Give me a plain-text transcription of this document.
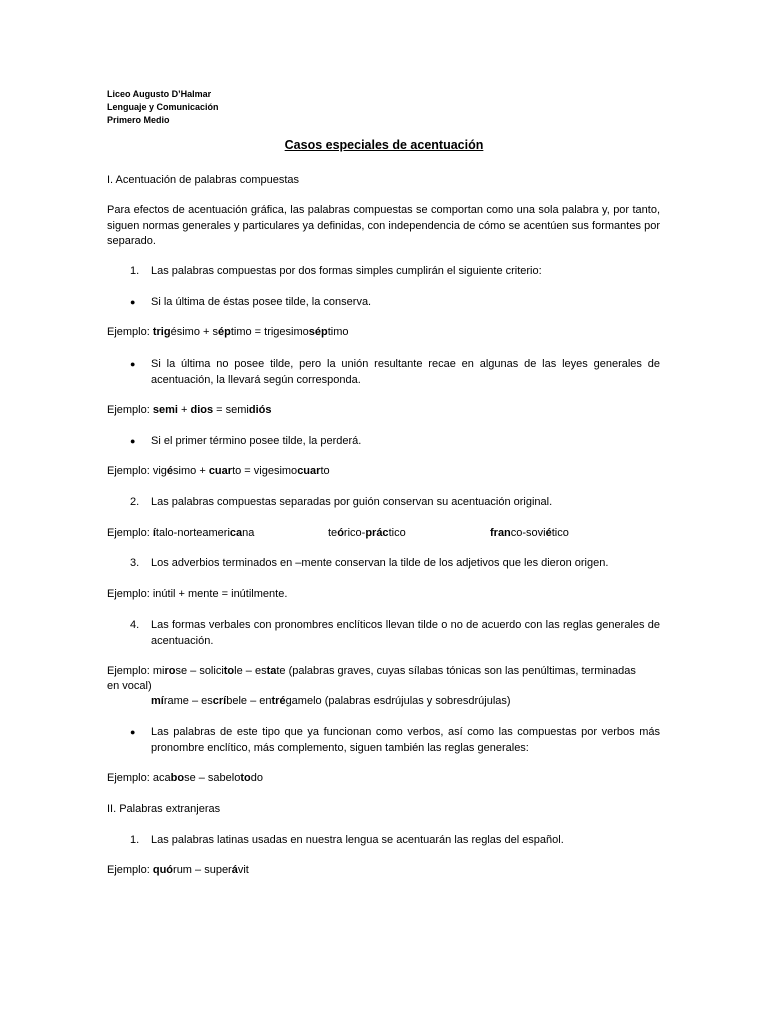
Liceo Augusto D’Halmar
Lenguaje y Comunicación
Primero Medio
Casos especiales de acentuación
I. Acentuación de palabras compuestas
Para efectos de acentuación gráfica, las palabras compuestas se comportan como una sola palabra y, por tanto, siguen normas generales y particulares ya definidas, con independencia de cómo se acentúen sus formantes por separado.
1. Las palabras compuestas por dos formas simples cumplirán el siguiente criterio:
● Si la última de éstas posee tilde, la conserva.
Ejemplo: trigésimo + séptimo = trigesimoséptimo
● Si la última no posee tilde, pero la unión resultante recae en algunas de las leyes generales de acentuación, la llevará según corresponda.
Ejemplo: semi + dios = semidiós
● Si el primer término posee tilde, la perderá.
Ejemplo: vigésimo + cuarto = vigesimocuarto
2. Las palabras compuestas separadas por guión conservan su acentuación original.
Ejemplo: ítalo-norteamericana	teórico-práctico	franco-soviético
3. Los adverbios terminados en –mente conservan la tilde de los adjetivos que les dieron origen.
Ejemplo: inútil + mente = inútilmente.
4. Las formas verbales con pronombres enclíticos llevan tilde o no de acuerdo con las reglas generales de acentuación.
Ejemplo: mirose – solicitole – estate (palabras graves, cuyas sílabas tónicas son las penúltimas, terminadas
en vocal)
mírame – escríbele – entrégamelo (palabras esdrújulas y sobresdrújulas)
● Las palabras de este tipo que ya funcionan como verbos, así como las compuestas por verbos más pronombre enclítico, más complemento, siguen también las reglas generales:
Ejemplo: acabose – sabelotodo
II. Palabras extranjeras
1. Las palabras latinas usadas en nuestra lengua se acentuarán las reglas del español.
Ejemplo: quórum – superávit
